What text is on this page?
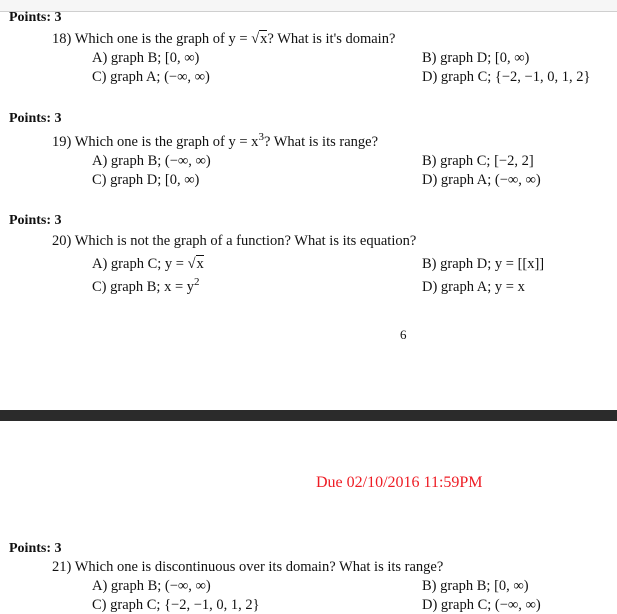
Points: 3
18) Which one is the graph of y = √x? What is it's domain?
A) graph B; [0, ∞)	B) graph D; [0, ∞)
C) graph A; (−∞, ∞)	D) graph C; {−2, −1, 0, 1, 2}
Points: 3
19) Which one is the graph of $y = x^3$? What is its range?
A) graph B; (−∞, ∞)	B) graph C; [−2, 2]
C) graph D; [0, ∞)	D) graph A; (−∞, ∞)
Points: 3
20) Which is not the graph of a function? What is its equation?
A) graph C; y = √x	B) graph D; y = [[x]]
C) graph B; $x = y^2$	D) graph A; y = x
6
Due 02/10/2016 11:59PM
Points: 3
21) Which one is discontinuous over its domain? What is its range?
A) graph B; (−∞, ∞)	B) graph B; [0, ∞)
C) graph C; {−2, −1, 0, 1, 2}	D) graph C; (−∞, ∞)
